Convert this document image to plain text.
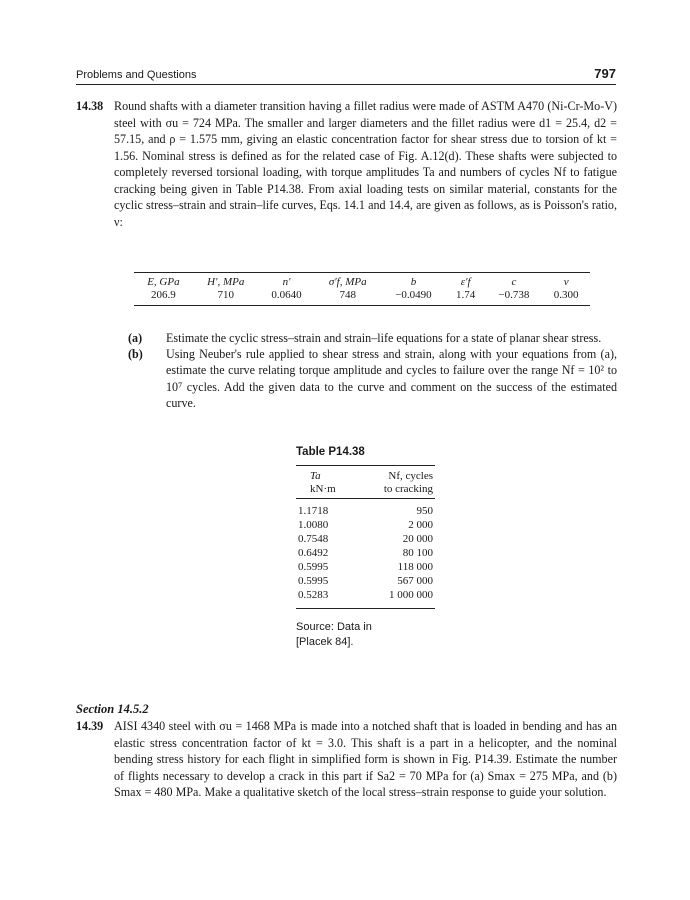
Problems and Questions	797
14.38 Round shafts with a diameter transition having a fillet radius were made of ASTM A470 (Ni-Cr-Mo-V) steel with σu = 724 MPa. The smaller and larger diameters and the fillet radius were d1 = 25.4, d2 = 57.15, and ρ = 1.575 mm, giving an elastic concentration factor for shear stress due to torsion of kt = 1.56. Nominal stress is defined as for the related case of Fig. A.12(d). These shafts were subjected to completely reversed torsional loading, with torque amplitudes Ta and numbers of cycles Nf to fatigue cracking being given in Table P14.38. From axial loading tests on similar material, constants for the cyclic stress–strain and strain–life curves, Eqs. 14.1 and 14.4, are given as follows, as is Poisson's ratio, ν:
E, GPa	H′, MPa	n′	σ′f, MPa	b	ε′f	c	ν
206.9	710	0.0640	748	−0.0490	1.74	−0.738	0.300
(a)	Estimate the cyclic stress–strain and strain–life equations for a state of planar shear stress.
(b)	Using Neuber's rule applied to shear stress and strain, along with your equations from (a), estimate the curve relating torque amplitude and cycles to failure over the range Nf = 10² to 10⁷ cycles. Add the given data to the curve and comment on the success of the estimated curve.
Table P14.38
Ta
kN·m	Nf, cycles
to cracking
1.1718	950
1.0080	2 000
0.7548	20 000
0.6492	80 100
0.5995	118 000
0.5995	567 000
0.5283	1 000 000
Source: Data in [Placek 84].
Section 14.5.2
14.39 AISI 4340 steel with σu = 1468 MPa is made into a notched shaft that is loaded in bending and has an elastic stress concentration factor of kt = 3.0. This shaft is a part in a helicopter, and the nominal bending stress history for each flight in simplified form is shown in Fig. P14.39. Estimate the number of flights necessary to develop a crack in this part if Sa2 = 70 MPa for (a) Smax = 275 MPa, and (b) Smax = 480 MPa. Make a qualitative sketch of the local stress–strain response to guide your solution.
